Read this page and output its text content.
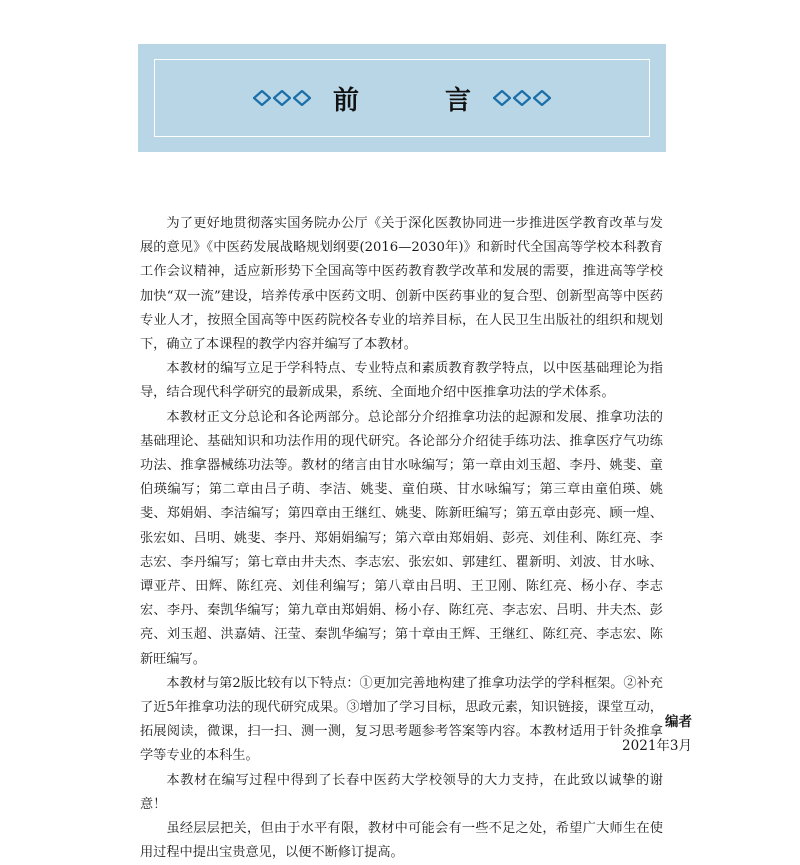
前　言

为了更好地贯彻落实国务院办公厅《关于深化医教协同进一步推进医学教育改革与发展的意见》《中医药发展战略规划纲要(2016—2030年)》和新时代全国高等学校本科教育工作会议精神，适应新形势下全国高等中医药教育教学改革和发展的需要，推进高等学校加快“双一流”建设，培养传承中医药文明、创新中医药事业的复合型、创新型高等中医药专业人才，按照全国高等中医药院校各专业的培养目标，在人民卫生出版社的组织和规划下，确立了本课程的教学内容并编写了本教材。

本教材的编写立足于学科特点、专业特点和素质教育教学特点，以中医基础理论为指导，结合现代科学研究的最新成果，系统、全面地介绍中医推拿功法的学术体系。

本教材正文分总论和各论两部分。总论部分介绍推拿功法的起源和发展、推拿功法的基础理论、基础知识和功法作用的现代研究。各论部分介绍徒手练功法、推拿医疗气功练功法、推拿器械练功法等。教材的绪言由甘水咏编写；第一章由刘玉超、李丹、姚斐、童伯瑛编写；第二章由吕子萌、李洁、姚斐、童伯瑛、甘水咏编写；第三章由童伯瑛、姚斐、郑娟娟、李洁编写；第四章由王继红、姚斐、陈新旺编写；第五章由彭亮、顾一煌、张宏如、吕明、姚斐、李丹、郑娟娟编写；第六章由郑娟娟、彭亮、刘佳利、陈红亮、李志宏、李丹编写；第七章由井夫杰、李志宏、张宏如、郭建红、瞿新明、刘波、甘水咏、谭亚芹、田辉、陈红亮、刘佳利编写；第八章由吕明、王卫刚、陈红亮、杨小存、李志宏、李丹、秦凯华编写；第九章由郑娟娟、杨小存、陈红亮、李志宏、吕明、井夫杰、彭亮、刘玉超、洪嘉婧、汪莹、秦凯华编写；第十章由王辉、王继红、陈红亮、李志宏、陈新旺编写。

本教材与第2版比较有以下特点：①更加完善地构建了推拿功法学的学科框架。②补充了近5年推拿功法的现代研究成果。③增加了学习目标，思政元素，知识链接，课堂互动，拓展阅读，微课，扫一扫、测一测，复习思考题参考答案等内容。本教材适用于针灸推拿学等专业的本科生。

本教材在编写过程中得到了长春中医药大学校领导的大力支持，在此致以诚挚的谢意！

虽经层层把关，但由于水平有限，教材中可能会有一些不足之处，希望广大师生在使用过程中提出宝贵意见，以便不断修订提高。

编者
2021年3月
